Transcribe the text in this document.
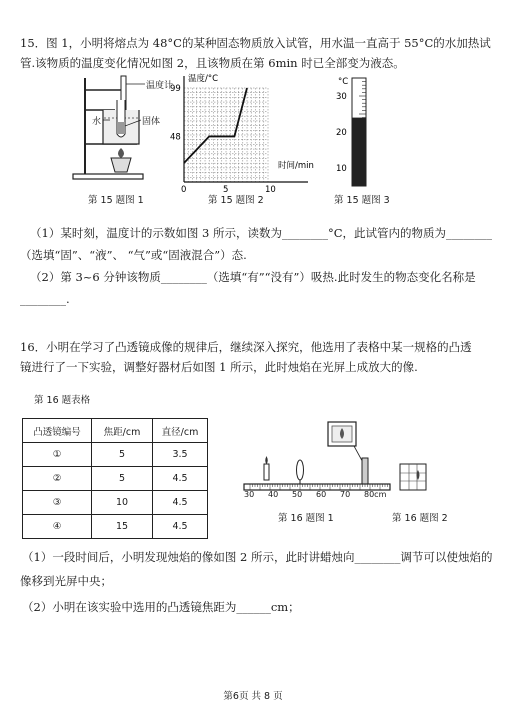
15．图 1，小明将熔点为 48°C的某种固态物质放入试管，用水温一直高于 55°C的水加热试
管.该物质的温度变化情况如图 2，且该物质在第 6min 时已全部变为液态。
温度计
水	固体
第 15 题图 1
0	5	10
48
99
温度/°C
时间/min
第 15 题图 2
30
20
10
°C
第 15 题图 3
（1）某时刻，温度计的示数如图 3 所示，读数为________°C，此试管内的物质为________
（选填“固”、“液”、 “气”或“固液混合”）态.
（2）第 3~6 分钟该物质________（选填“有”“没有”）吸热.此时发生的物态变化名称是
________.
16．小明在学习了凸透镜成像的规律后，继续深入探究，他选用了表格中某一规格的凸透
镜进行了一下实验，调整好器材后如图 1 所示，此时烛焰在光屏上成放大的像.
第 16 题表格
凸透镜编号	焦距/cm	直径/cm
①	5	3.5
②	5	4.5
③	10	4.5
④	15	4.5
30 40 50 60 70 80cm
第 16 题图 1	第 16 题图 2
（1）一段时间后，小明发现烛焰的像如图 2 所示，此时讲蜡烛向________调节可以使烛焰的
像移到光屏中央；
（2）小明在该实验中选用的凸透镜焦距为______cm；
第6页 共 8 页
